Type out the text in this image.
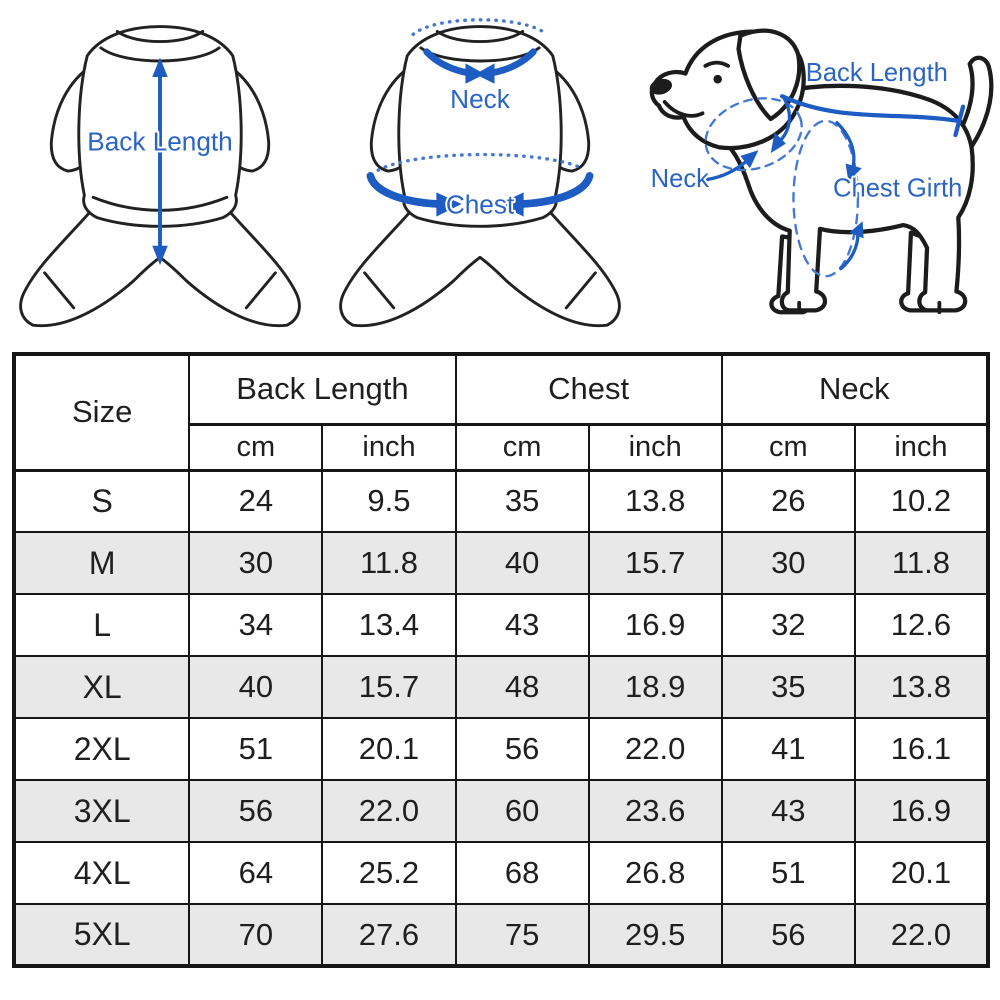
Back Length
Neck
Chest
Neck
Back Length
Chest Girth
Size	Back Length		Chest		Neck	
	cm	inch	cm	inch	cm	inch
S	24	9.5	35	13.8	26	10.2
M	30	11.8	40	15.7	30	11.8
L	34	13.4	43	16.9	32	12.6
XL	40	15.7	48	18.9	35	13.8
2XL	51	20.1	56	22.0	41	16.1
3XL	56	22.0	60	23.6	43	16.9
4XL	64	25.2	68	26.8	51	20.1
5XL	70	27.6	75	29.5	56	22.0
